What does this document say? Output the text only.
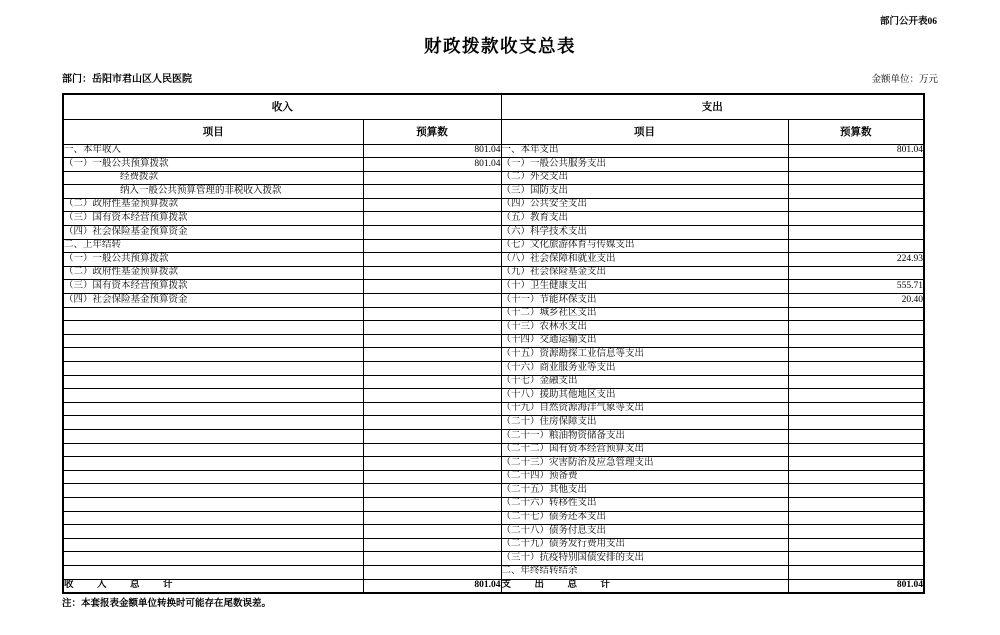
部门公开表06
财政拨款收支总表
部门：岳阳市君山区人民医院	金额单位：万元
收入		支出	
项目	预算数	项目	预算数
一、本年收入	801.04	一、本年支出	801.04
（一）一般公共预算拨款	801.04	（一）一般公共服务支出	
经费拨款		（二）外交支出	
纳入一般公共预算管理的非税收入拨款		（三）国防支出	
（二）政府性基金预算拨款		（四）公共安全支出	
（三）国有资本经营预算拨款		（五）教育支出	
（四）社会保险基金预算资金		（六）科学技术支出	
二、上年结转		（七）文化旅游体育与传媒支出	
（一）一般公共预算拨款		（八）社会保障和就业支出	224.93
（二）政府性基金预算拨款		（九）社会保险基金支出	
（三）国有资本经营预算拨款		（十）卫生健康支出	555.71
（四）社会保险基金预算资金		（十一）节能环保支出	20.40
		（十二）城乡社区支出	
		（十三）农林水支出	
		（十四）交通运输支出	
		（十五）资源勘探工业信息等支出	
		（十六）商业服务业等支出	
		（十七）金融支出	
		（十八）援助其他地区支出	
		（十九）自然资源海洋气象等支出	
		（二十）住房保障支出	
		（二十一）粮油物资储备支出	
		（二十二）国有资本经营预算支出	
		（二十三）灾害防治及应急管理支出	
		（二十四）预备费	
		（二十五）其他支出	
		（二十六）转移性支出	
		（二十七）债务还本支出	
		（二十八）债务付息支出	
		（二十九）债务发行费用支出	
		（三十）抗疫特别国债安排的支出	
		二、年终结转结余	
收　入　总　计	801.04	支　出　总　计	801.04
注：本套报表金额单位转换时可能存在尾数误差。
